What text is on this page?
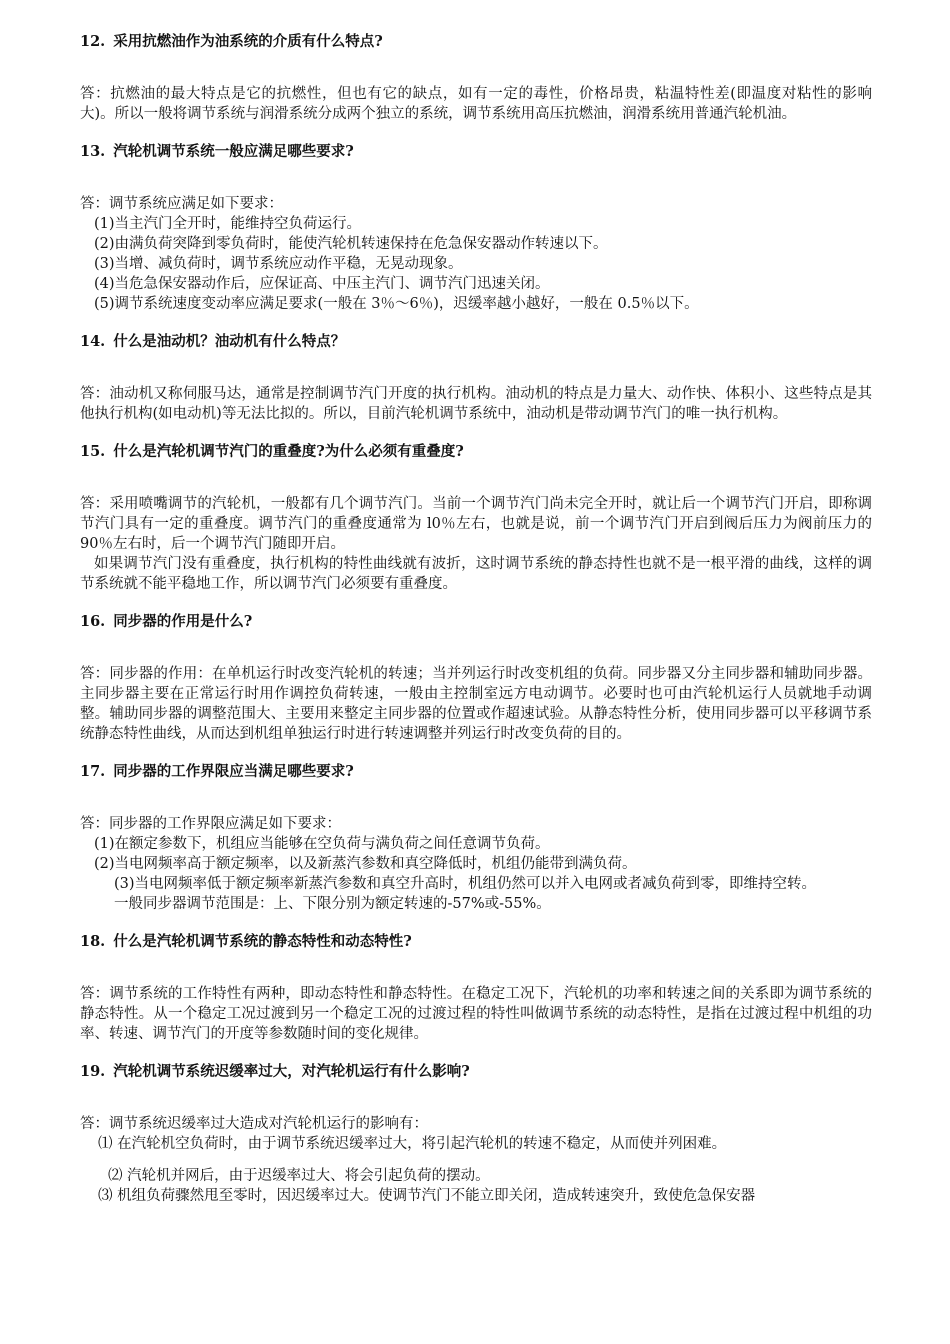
12. 采用抗燃油作为油系统的介质有什么特点?

答：抗燃油的最大特点是它的抗燃性，但也有它的缺点，如有一定的毒性，价格昂贵，粘温特性差(即温度对粘性的影响大)。所以一般将调节系统与润滑系统分成两个独立的系统，调节系统用高压抗燃油，润滑系统用普通汽轮机油。

13. 汽轮机调节系统一般应满足哪些要求?

答：调节系统应满足如下要求：

(1)当主汽门全开时，能维持空负荷运行。

(2)由满负荷突降到零负荷时，能使汽轮机转速保持在危急保安器动作转速以下。

(3)当增、减负荷时，调节系统应动作平稳，无晃动现象。

(4)当危急保安器动作后，应保证高、中压主汽门、调节汽门迅速关闭。

(5)调节系统速度变动率应满足要求(一般在 3％～6％)，迟缓率越小越好，一般在 0.5％以下。

14. 什么是油动机？油动机有什么特点？

答：油动机又称伺服马达，通常是控制调节汽门开度的执行机构。油动机的特点是力量大、动作快、体积小、这些特点是其他执行机构(如电动机)等无法比拟的。所以，目前汽轮机调节系统中，油动机是带动调节汽门的唯一执行机构。

15. 什么是汽轮机调节汽门的重叠度?为什么必须有重叠度?

答：采用喷嘴调节的汽轮机，一般都有几个调节汽门。当前一个调节汽门尚未完全开时，就让后一个调节汽门开启，即称调节汽门具有一定的重叠度。调节汽门的重叠度通常为 l0％左右，也就是说，前一个调节汽门开启到阀后压力为阀前压力的 90％左右时，后一个调节汽门随即开启。

如果调节汽门没有重叠度，执行机构的特性曲线就有波折，这时调节系统的静态持性也就不是一根平滑的曲线，这样的调节系统就不能平稳地工作，所以调节汽门必须要有重叠度。

16. 同步器的作用是什么?

答：同步器的作用：在单机运行时改变汽轮机的转速；当并列运行时改变机组的负荷。同步器又分主同步器和辅助同步器。主同步器主要在正常运行时用作调控负荷转速，一般由主控制室远方电动调节。必要时也可由汽轮机运行人员就地手动调整。辅助同步器的调整范围大、主要用来整定主同步器的位置或作超速试验。从静态特性分析，使用同步器可以平移调节系统静态特性曲线，从而达到机组单独运行时进行转速调整并列运行时改变负荷的目的。

17. 同步器的工作界限应当满足哪些要求?

答：同步器的工作界限应满足如下要求：

(1)在额定参数下，机组应当能够在空负荷与满负荷之间任意调节负荷。

(2)当电网频率高于额定频率，以及新蒸汽参数和真空降低时，机组仍能带到满负荷。

(3)当电网频率低于额定频率新蒸汽参数和真空升高时，机组仍然可以并入电网或者减负荷到零，即维持空转。

一般同步器调节范围是：上、下限分别为额定转速的-57%或-55%。

18. 什么是汽轮机调节系统的静态特性和动态特性?

答：调节系统的工作特性有两种，即动态特性和静态特性。在稳定工况下，汽轮机的功率和转速之间的关系即为调节系统的静态特性。从一个稳定工况过渡到另一个稳定工况的过渡过程的特性叫做调节系统的动态特性，是指在过渡过程中机组的功率、转速、调节汽门的开度等参数随时间的变化规律。

19. 汽轮机调节系统迟缓率过大，对汽轮机运行有什么影响?

答：调节系统迟缓率过大造成对汽轮机运行的影响有：

⑴ 在汽轮机空负荷时，由于调节系统迟缓率过大，将引起汽轮机的转速不稳定，从而使并列困难。

⑵ 汽轮机并网后，由于迟缓率过大、将会引起负荷的摆动。

⑶ 机组负荷骤然甩至零时，因迟缓率过大。使调节汽门不能立即关闭，造成转速突升，致使危急保安器
